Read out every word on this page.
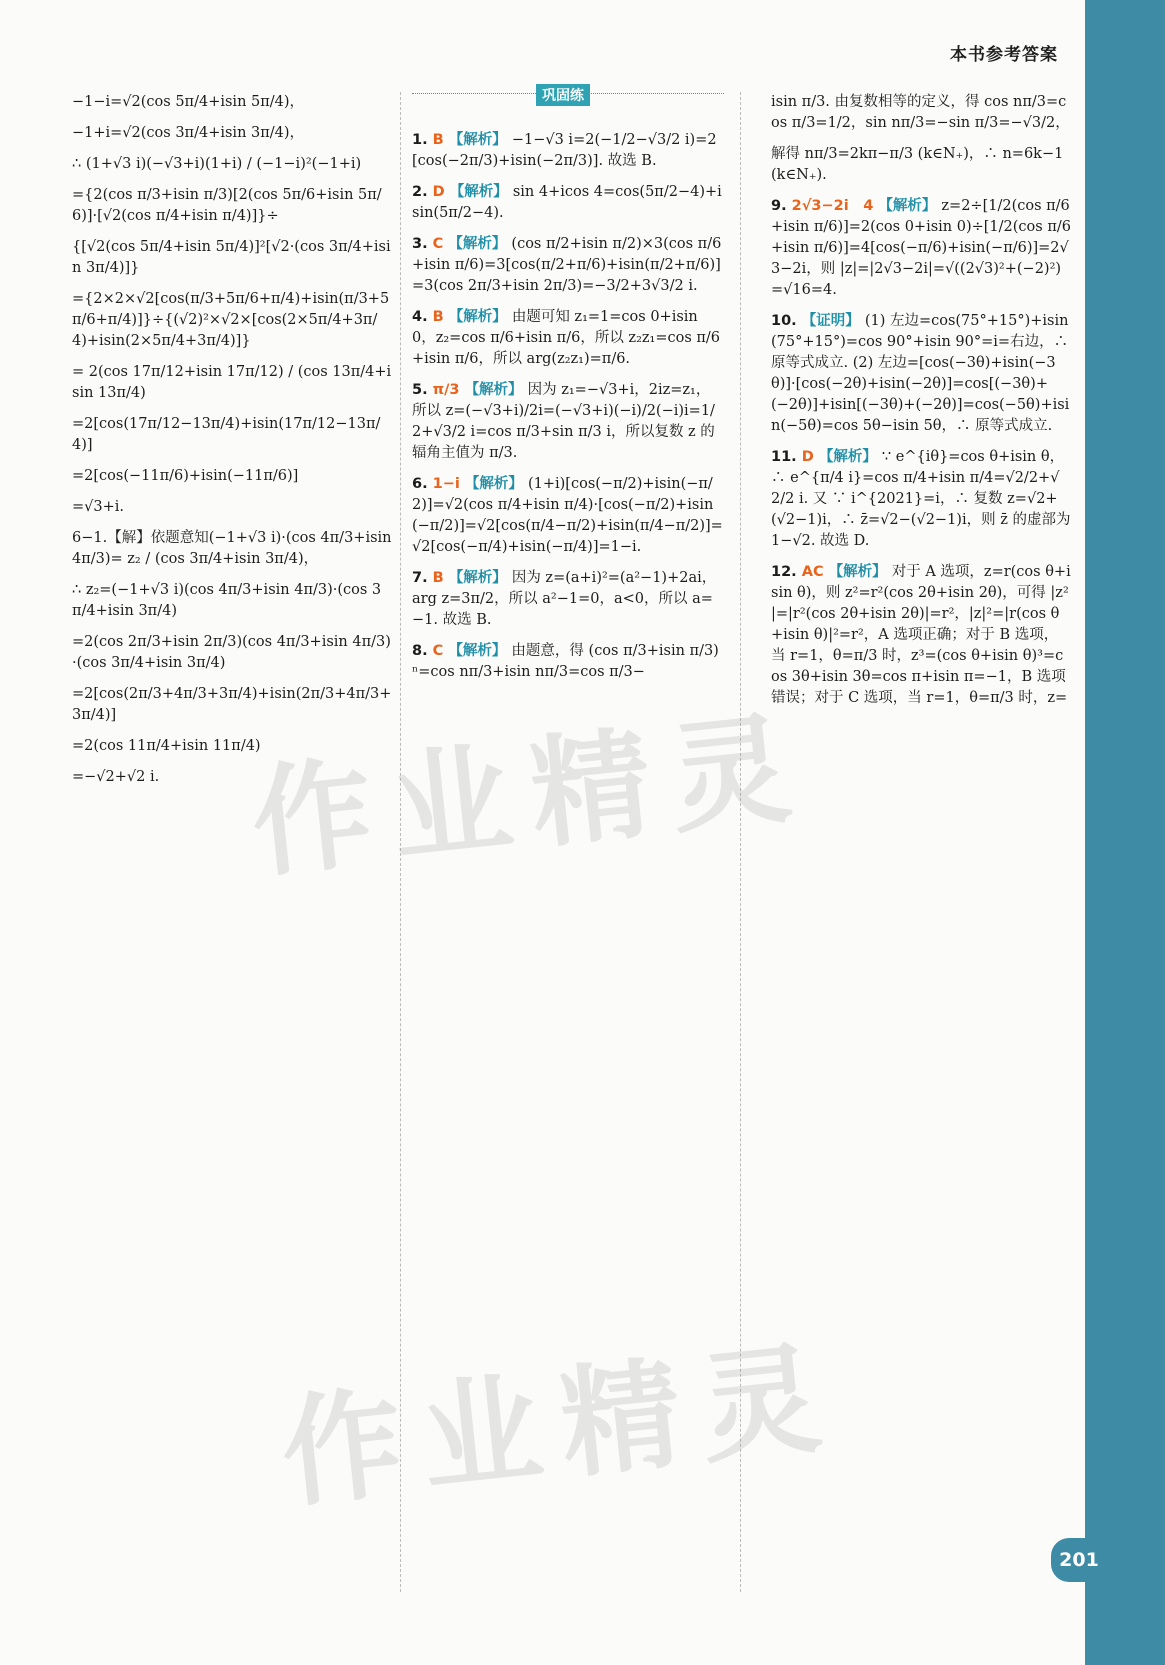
本书参考答案
201
巩固练
−1−i=√2(cos 5π/4+isin 5π/4)，
−1+i=√2(cos 3π/4+isin 3π/4)，
∴ (1+√3 i)(−√3+i)(1+i) / (−1−i)²(−1+i)
={2(cos π/3+isin π/3)[2(cos 5π/6+isin 5π/6)]·[√2(cos π/4+isin π/4)]}÷
{[√2(cos 5π/4+isin 5π/4)]²[√2·(cos 3π/4+isin 3π/4)]}
={2×2×√2[cos(π/3+5π/6+π/4)+isin(π/3+5π/6+π/4)]}÷{(√2)²×√2×[cos(2×5π/4+3π/4)+isin(2×5π/4+3π/4)]}
= 2(cos 17π/12+isin 17π/12) / (cos 13π/4+isin 13π/4)
=2[cos(17π/12−13π/4)+isin(17π/12−13π/4)]
=2[cos(−11π/6)+isin(−11π/6)]
=√3+i.
6−1.【解】依题意知(−1+√3 i)·(cos 4π/3+isin 4π/3)= z₂ / (cos 3π/4+isin 3π/4)，
∴ z₂=(−1+√3 i)(cos 4π/3+isin 4π/3)·(cos 3π/4+isin 3π/4)
=2(cos 2π/3+isin 2π/3)(cos 4π/3+isin 4π/3)·(cos 3π/4+isin 3π/4)
=2[cos(2π/3+4π/3+3π/4)+isin(2π/3+4π/3+3π/4)]
=2(cos 11π/4+isin 11π/4)
=−√2+√2 i.
1. B 【解析】 −1−√3 i=2(−1/2−√3/2 i)=2[cos(−2π/3)+isin(−2π/3)]. 故选 B.
2. D 【解析】 sin 4+icos 4=cos(5π/2−4)+isin(5π/2−4).
3. C 【解析】 (cos π/2+isin π/2)×3(cos π/6+isin π/6)=3[cos(π/2+π/6)+isin(π/2+π/6)]=3(cos 2π/3+isin 2π/3)=−3/2+3√3/2 i.
4. B 【解析】 由题可知 z₁=1=cos 0+isin 0，z₂=cos π/6+isin π/6，所以 z₂z₁=cos π/6+isin π/6，所以 arg(z₂z₁)=π/6.
5. π/3 【解析】 因为 z₁=−√3+i，2iz=z₁，所以 z=(−√3+i)/2i=(−√3+i)(−i)/2(−i)i=1/2+√3/2 i=cos π/3+sin π/3 i，所以复数 z 的辐角主值为 π/3.
6. 1−i 【解析】 (1+i)[cos(−π/2)+isin(−π/2)]=√2(cos π/4+isin π/4)·[cos(−π/2)+isin(−π/2)]=√2[cos(π/4−π/2)+isin(π/4−π/2)]=√2[cos(−π/4)+isin(−π/4)]=1−i.
7. B 【解析】 因为 z=(a+i)²=(a²−1)+2ai，arg z=3π/2，所以 a²−1=0，a<0，所以 a=−1. 故选 B.
8. C 【解析】 由题意，得 (cos π/3+isin π/3)ⁿ=cos nπ/3+isin nπ/3=cos π/3−
isin π/3. 由复数相等的定义，得 cos nπ/3=cos π/3=1/2，sin nπ/3=−sin π/3=−√3/2，
解得 nπ/3=2kπ−π/3 (k∈N₊)，∴ n=6k−1 (k∈N₊).
9. 2√3−2i　4 【解析】 z=2÷[1/2(cos π/6+isin π/6)]=2(cos 0+isin 0)÷[1/2(cos π/6+isin π/6)]=4[cos(−π/6)+isin(−π/6)]=2√3−2i，则 |z|=|2√3−2i|=√((2√3)²+(−2)²)=√16=4.
10. 【证明】 (1) 左边=cos(75°+15°)+isin(75°+15°)=cos 90°+isin 90°=i=右边，∴ 原等式成立. (2) 左边=[cos(−3θ)+isin(−3θ)]·[cos(−2θ)+isin(−2θ)]=cos[(−3θ)+(−2θ)]+isin[(−3θ)+(−2θ)]=cos(−5θ)+isin(−5θ)=cos 5θ−isin 5θ，∴ 原等式成立.
11. D 【解析】 ∵ e^{iθ}=cos θ+isin θ，∴ e^{π/4 i}=cos π/4+isin π/4=√2/2+√2/2 i. 又 ∵ i^{2021}=i，∴ 复数 z=√2+(√2−1)i，∴ z̄=√2−(√2−1)i，则 z̄ 的虚部为 1−√2. 故选 D.
12. AC 【解析】 对于 A 选项，z=r(cos θ+isin θ)，则 z²=r²(cos 2θ+isin 2θ)，可得 |z²|=|r²(cos 2θ+isin 2θ)|=r²，|z|²=|r(cos θ+isin θ)|²=r²，A 选项正确；对于 B 选项，当 r=1，θ=π/3 时，z³=(cos θ+isin θ)³=cos 3θ+isin 3θ=cos π+isin π=−1，B 选项错误；对于 C 选项，当 r=1，θ=π/3 时，z=
作业精灵
作业精灵
